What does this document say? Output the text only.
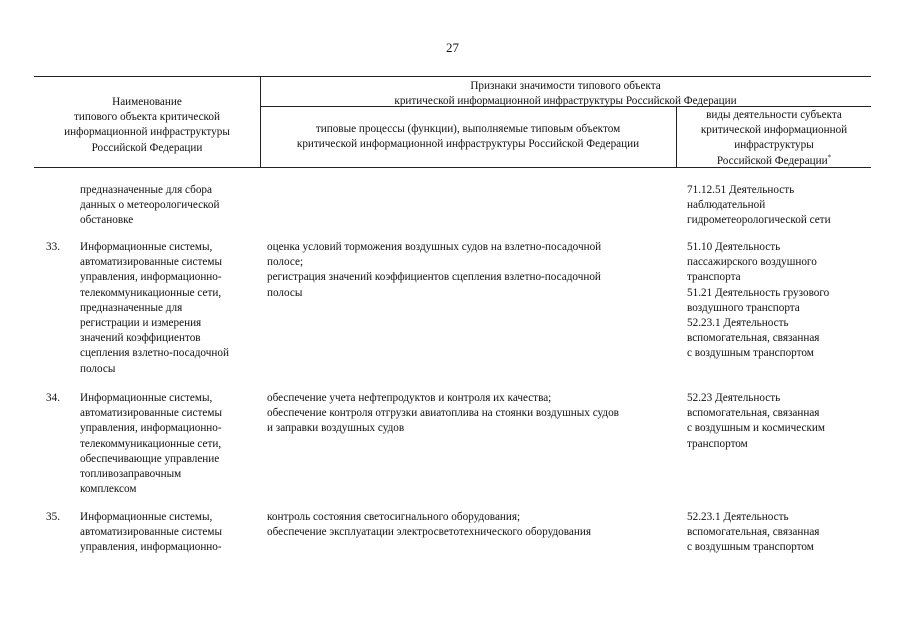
27
Наименование
типового объекта критической
информационной инфраструктуры
Российской Федерации
Признаки значимости типового объекта
критической информационной инфраструктуры Российской Федерации
типовые процессы (функции), выполняемые типовым объектом
критической информационной инфраструктуры Российской Федерации
виды деятельности субъекта
критической информационной
инфраструктуры
Российской Федерации*
предназначенные для сбора
данных о метеорологической
обстановке
71.12.51 Деятельность
наблюдательной
гидрометеорологической сети
33. Информационные системы,
автоматизированные системы
управления, информационно-
телекоммуникационные сети,
предназначенные для
регистрации и измерения
значений коэффициентов
сцепления взлетно-посадочной
полосы
оценка условий торможения воздушных судов на взлетно-посадочной
полосе;
регистрация значений коэффициентов сцепления взлетно-посадочной
полосы
51.10 Деятельность
пассажирского воздушного
транспорта
51.21 Деятельность грузового
воздушного транспорта
52.23.1 Деятельность
вспомогательная, связанная
с воздушным транспортом
34. Информационные системы,
автоматизированные системы
управления, информационно-
телекоммуникационные сети,
обеспечивающие управление
топливозаправочным
комплексом
обеспечение учета нефтепродуктов и контроля их качества;
обеспечение контроля отгрузки авиатоплива на стоянки воздушных судов
и заправки воздушных судов
52.23 Деятельность
вспомогательная, связанная
с воздушным и космическим
транспортом
35. Информационные системы,
автоматизированные системы
управления, информационно-
контроль состояния светосигнального оборудования;
обеспечение эксплуатации электросветотехнического оборудования
52.23.1 Деятельность
вспомогательная, связанная
с воздушным транспортом
